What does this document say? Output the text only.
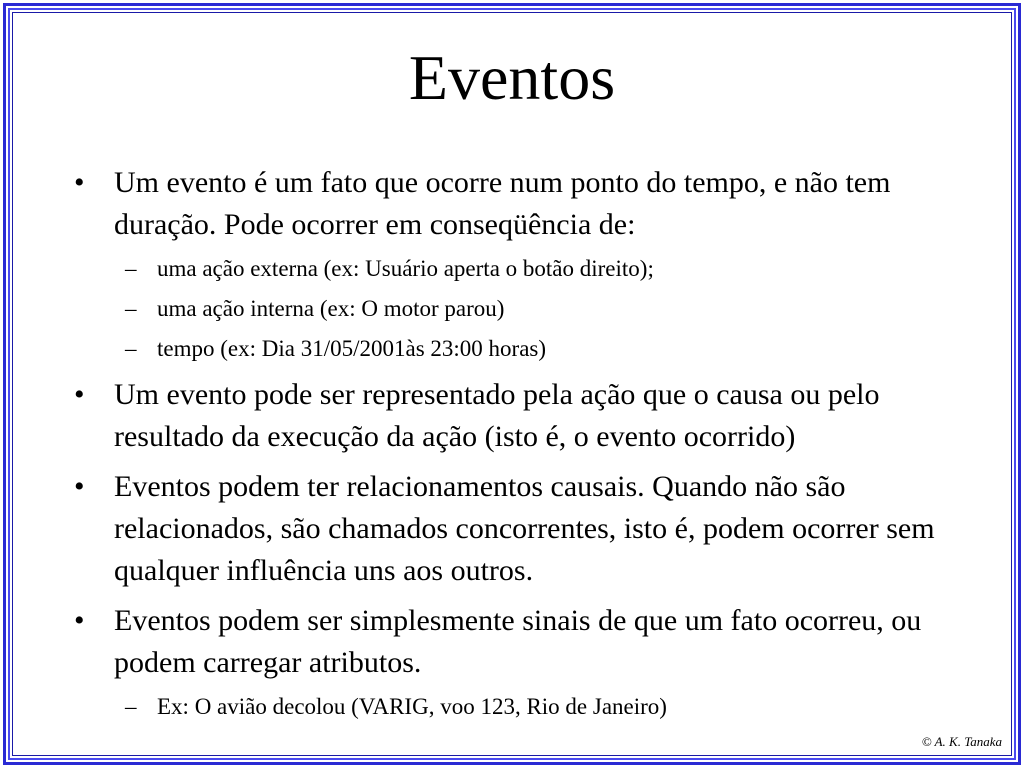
Eventos
• Um evento é um fato que ocorre num ponto do tempo, e não tem duração. Pode ocorrer em conseqüência de:
– uma ação externa (ex: Usuário aperta o botão direito);
– uma ação interna (ex: O motor parou)
– tempo (ex: Dia 31/05/2001às 23:00 horas)
• Um evento pode ser representado pela ação que o causa ou pelo resultado da execução da ação (isto é, o evento ocorrido)
• Eventos podem ter relacionamentos causais. Quando não são relacionados, são chamados concorrentes, isto é, podem ocorrer sem qualquer influência uns aos outros.
• Eventos podem ser simplesmente sinais de que um fato ocorreu, ou podem carregar atributos.
– Ex: O avião decolou (VARIG, voo 123, Rio de Janeiro)
© A. K. Tanaka
